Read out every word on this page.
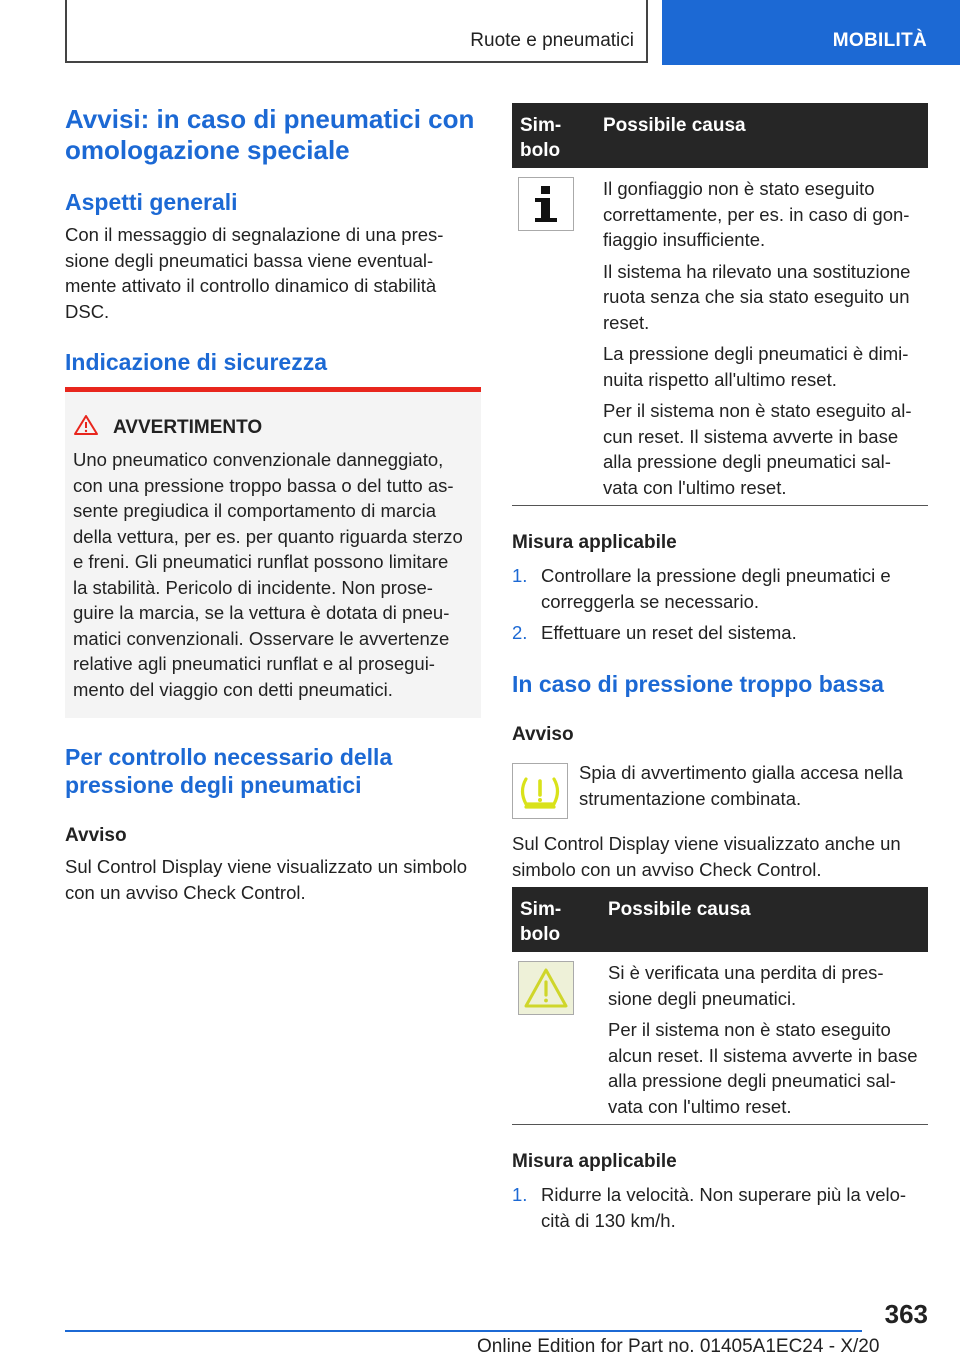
Ruote e pneumatici	MOBILITÀ
Avvisi: in caso di pneumatici con
omologazione speciale
Aspetti generali

Con il messaggio di segnalazione di una pres-

sione degli pneumatici bassa viene eventual-

mente attivato il controllo dinamico di stabilità

DSC.

Indicazione di sicurezza
AVVERTIMENTO

Uno pneumatico convenzionale danneggiato,

con una pressione troppo bassa o del tutto as-

sente pregiudica il comportamento di marcia

della vettura, per es. per quanto riguarda sterzo

e freni. Gli pneumatici runflat possono limitare

la stabilità. Pericolo di incidente. Non prose-

guire la marcia, se la vettura è dotata di pneu-

matici convenzionali. Osservare le avvertenze

relative agli pneumatici runflat e al prosegui-

mento del viaggio con detti pneumatici.

Per controllo necessario della
pressione degli pneumatici
Avviso

Sul Control Display viene visualizzato un simbolo

con un avviso Check Control.

Sim-
bolo
Possibile causa

Il gonfiaggio non è stato eseguito

correttamente, per es. in caso di gon-

fiaggio insufficiente.

Il sistema ha rilevato una sostituzione

ruota senza che sia stato eseguito un

reset.

La pressione degli pneumatici è dimi-

nuita rispetto all'ultimo reset.

Per il sistema non è stato eseguito al-

cun reset. Il sistema avverte in base

alla pressione degli pneumatici sal-

vata con l'ultimo reset.

Misura applicabile
1. Controllare la pressione degli pneumatici e
correggerla se necessario.
2. Effettuare un reset del sistema.
In caso di pressione troppo bassa
Avviso

Spia di avvertimento gialla accesa nella

strumentazione combinata.

Sul Control Display viene visualizzato anche un

simbolo con un avviso Check Control.

Sim-
bolo
Possibile causa

Si è verificata una perdita di pres-

sione degli pneumatici.

Per il sistema non è stato eseguito

alcun reset. Il sistema avverte in base

alla pressione degli pneumatici sal-

vata con l'ultimo reset.

Misura applicabile
1. Ridurre la velocità. Non superare più la velo-
cità di 130 km/h.
363
Online Edition for Part no. 01405A1EC24 - X/20
